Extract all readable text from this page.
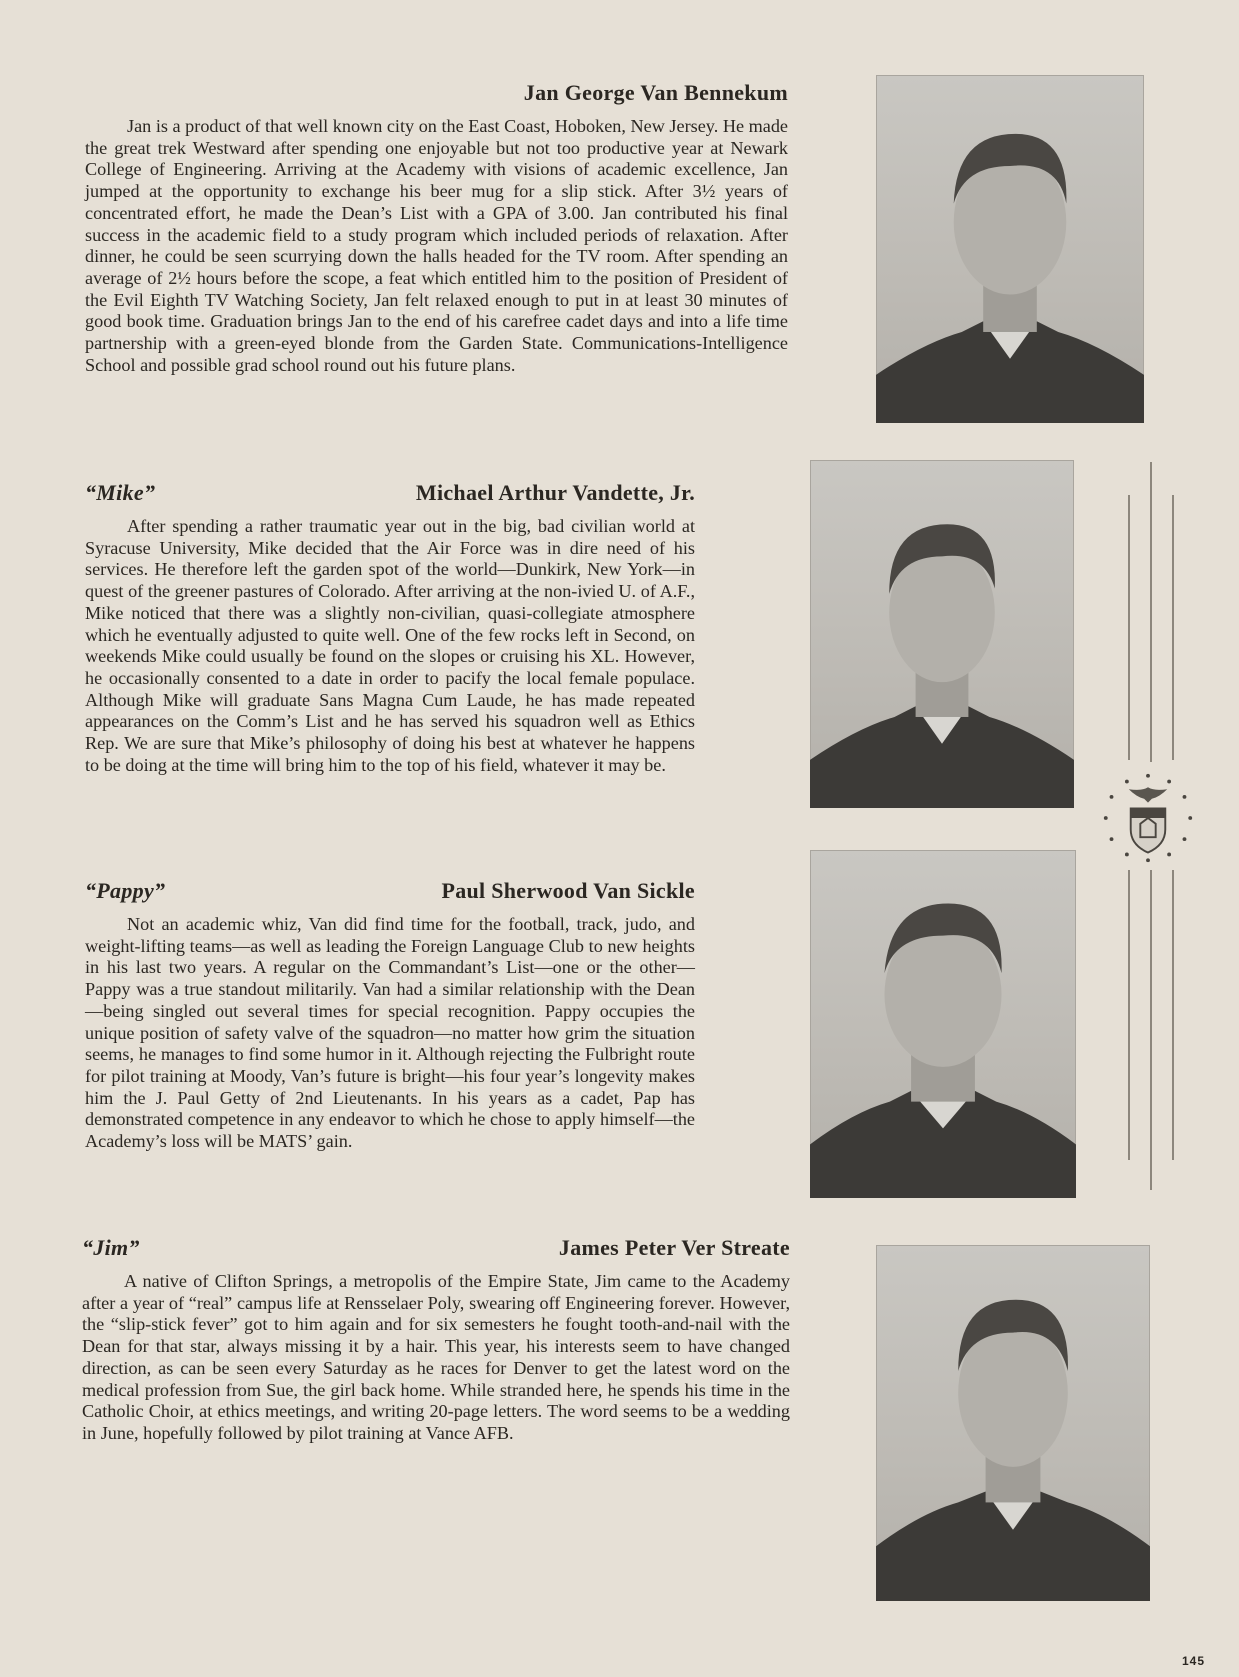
Jan George Van Bennekum

Jan is a product of that well known city on the East Coast, Hoboken, New Jersey. He made the great trek Westward after spending one enjoyable but not too productive year at Newark College of Engineering. Arriving at the Academy with visions of academic excellence, Jan jumped at the opportunity to exchange his beer mug for a slip stick. After 3½ years of concentrated effort, he made the Dean’s List with a GPA of 3.00. Jan contributed his final success in the academic field to a study program which included periods of relaxation. After dinner, he could be seen scurrying down the halls headed for the TV room. After spending an average of 2½ hours before the scope, a feat which entitled him to the position of President of the Evil Eighth TV Watching Society, Jan felt relaxed enough to put in at least 30 minutes of good book time. Graduation brings Jan to the end of his carefree cadet days and into a life time partnership with a green-eyed blonde from the Garden State. Communications-Intelligence School and possible grad school round out his future plans.

“Mike”	Michael Arthur Vandette, Jr.

After spending a rather traumatic year out in the big, bad civilian world at Syracuse University, Mike decided that the Air Force was in dire need of his services. He therefore left the garden spot of the world—Dunkirk, New York—in quest of the greener pastures of Colorado. After arriving at the non-ivied U. of A.F., Mike noticed that there was a slightly non-civilian, quasi-collegiate atmosphere which he eventually adjusted to quite well. One of the few rocks left in Second, on weekends Mike could usually be found on the slopes or cruising his XL. However, he occasionally consented to a date in order to pacify the local female populace. Although Mike will graduate Sans Magna Cum Laude, he has made repeated appearances on the Comm’s List and he has served his squadron well as Ethics Rep. We are sure that Mike’s philosophy of doing his best at whatever he happens to be doing at the time will bring him to the top of his field, whatever it may be.

“Pappy”	Paul Sherwood Van Sickle

Not an academic whiz, Van did find time for the football, track, judo, and weight-lifting teams—as well as leading the Foreign Language Club to new heights in his last two years. A regular on the Commandant’s List—one or the other—Pappy was a true standout militarily. Van had a similar relationship with the Dean—being singled out several times for special recognition. Pappy occupies the unique position of safety valve of the squadron—no matter how grim the situation seems, he manages to find some humor in it. Although rejecting the Fulbright route for pilot training at Moody, Van’s future is bright—his four year’s longevity makes him the J. Paul Getty of 2nd Lieutenants. In his years as a cadet, Pap has demonstrated competence in any endeavor to which he chose to apply himself—the Academy’s loss will be MATS’ gain.

“Jim”	James Peter Ver Streate

A native of Clifton Springs, a metropolis of the Empire State, Jim came to the Academy after a year of “real” campus life at Rensselaer Poly, swearing off Engineering forever. However, the “slip-stick fever” got to him again and for six semesters he fought tooth-and-nail with the Dean for that star, always missing it by a hair. This year, his interests seem to have changed direction, as can be seen every Saturday as he races for Denver to get the latest word on the medical profession from Sue, the girl back home. While stranded here, he spends his time in the Catholic Choir, at ethics meetings, and writing 20-page letters. The word seems to be a wedding in June, hopefully followed by pilot training at Vance AFB.

145
